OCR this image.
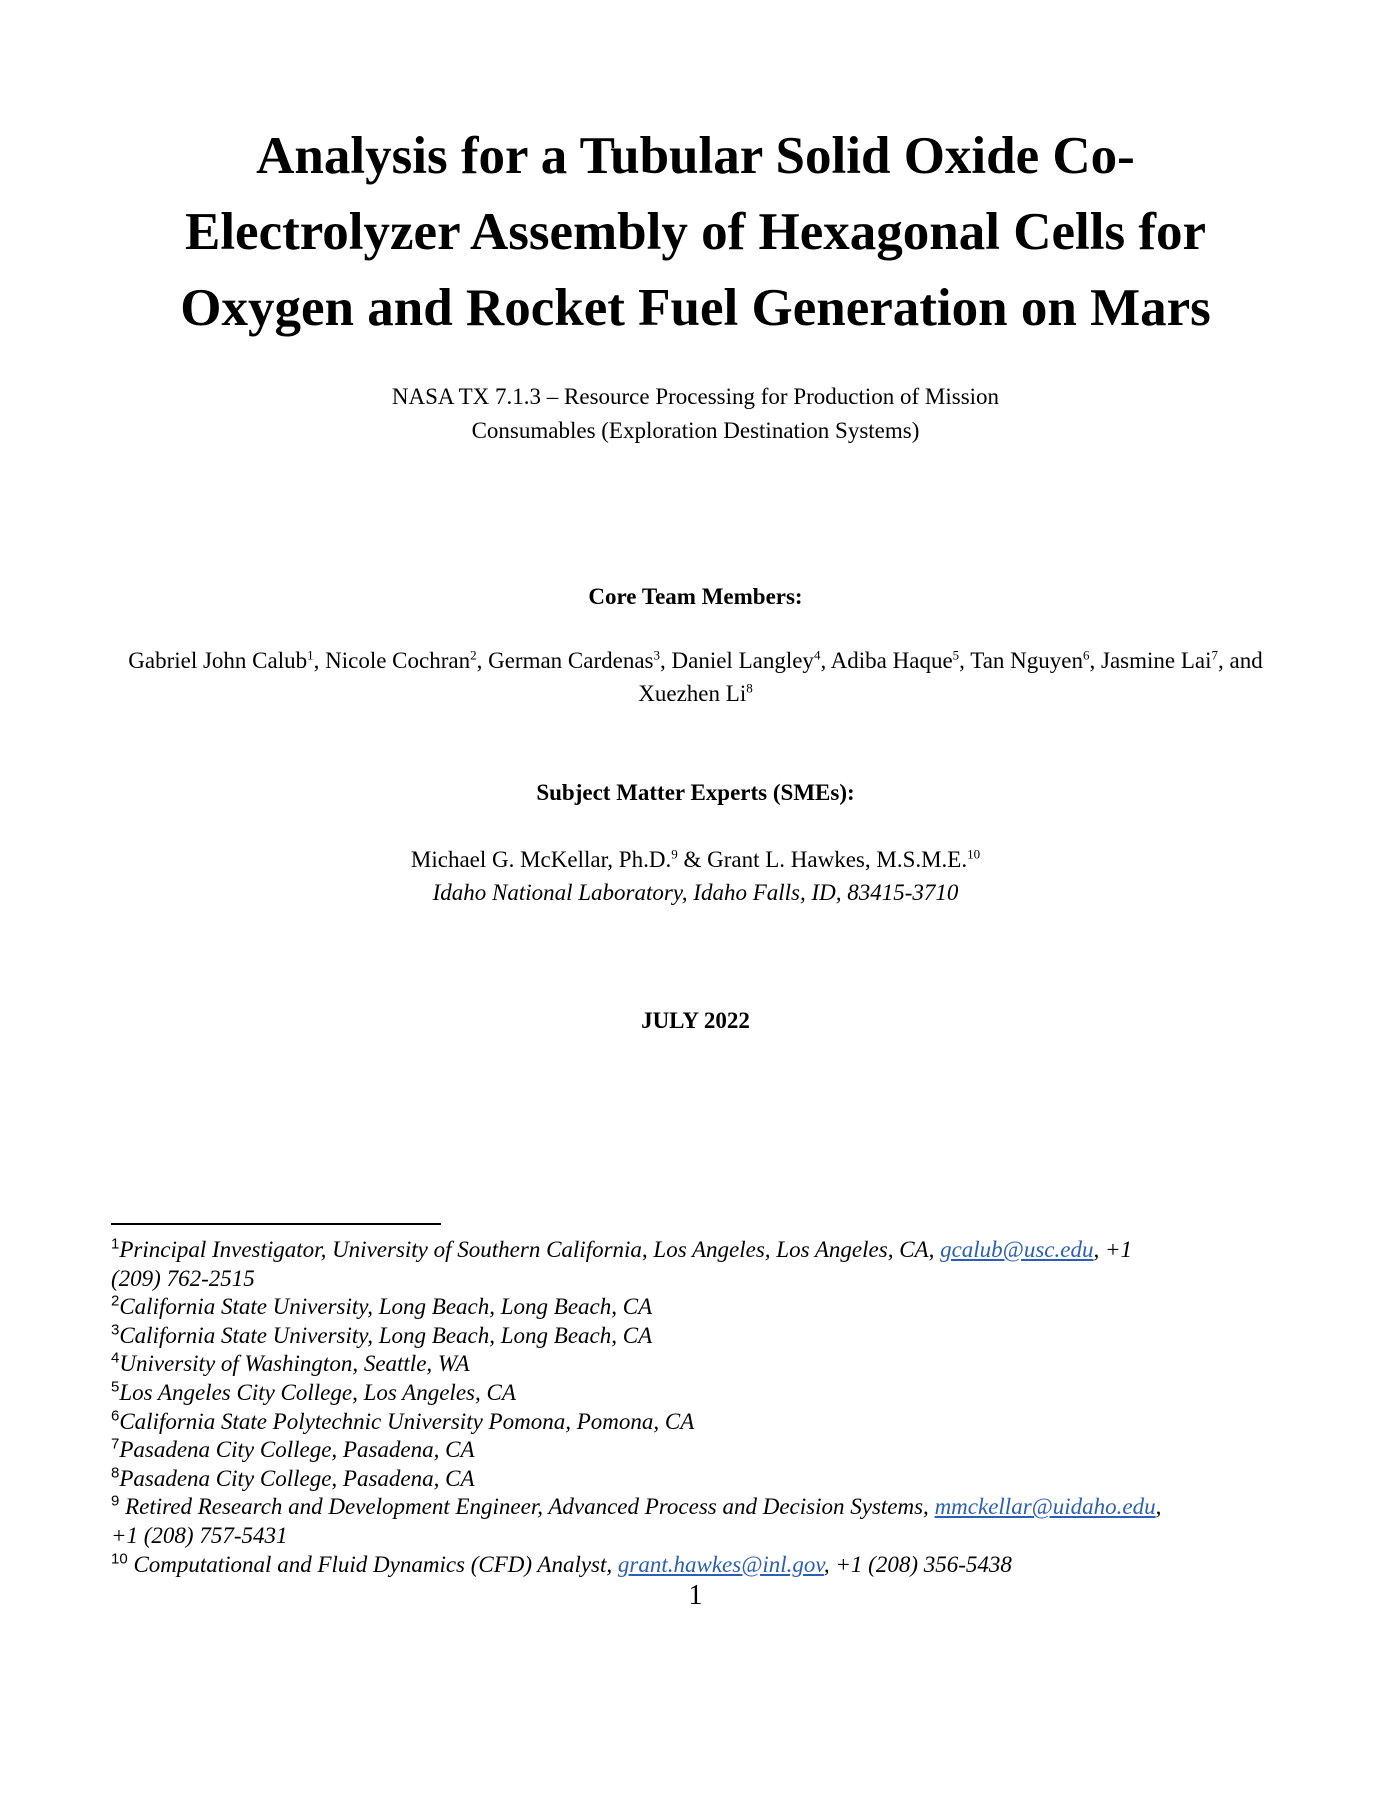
Analysis for a Tubular Solid Oxide Co-
Electrolyzer Assembly of Hexagonal Cells for
Oxygen and Rocket Fuel Generation on Mars
NASA TX 7.1.3 – Resource Processing for Production of Mission
Consumables (Exploration Destination Systems)
Core Team Members:
Gabriel John Calub$^1$, Nicole Cochran$^2$, German Cardenas$^3$, Daniel Langley$^4$, Adiba Haque$^5$, Tan Nguyen$^6$, Jasmine Lai$^7$, and Xuezhen Li$^8$
Subject Matter Experts (SMEs):
Michael G. McKellar, Ph.D.$^9$ & Grant L. Hawkes, M.S.M.E.$^{10}$
Idaho National Laboratory, Idaho Falls, ID, 83415-3710
JULY 2022
$^1$Principal Investigator, University of Southern California, Los Angeles, Los Angeles, CA, gcalub@usc.edu, +1
(209) 762-2515
$^2$California State University, Long Beach, Long Beach, CA
$^3$California State University, Long Beach, Long Beach, CA
$^4$University of Washington, Seattle, WA
$^5$Los Angeles City College, Los Angeles, CA
$^6$California State Polytechnic University Pomona, Pomona, CA
$^7$Pasadena City College, Pasadena, CA
$^8$Pasadena City College, Pasadena, CA
$^9$ Retired Research and Development Engineer, Advanced Process and Decision Systems, mmckellar@uidaho.edu,
+1 (208) 757-5431
$^{10}$ Computational and Fluid Dynamics (CFD) Analyst, grant.hawkes@inl.gov, +1 (208) 356-5438
1
